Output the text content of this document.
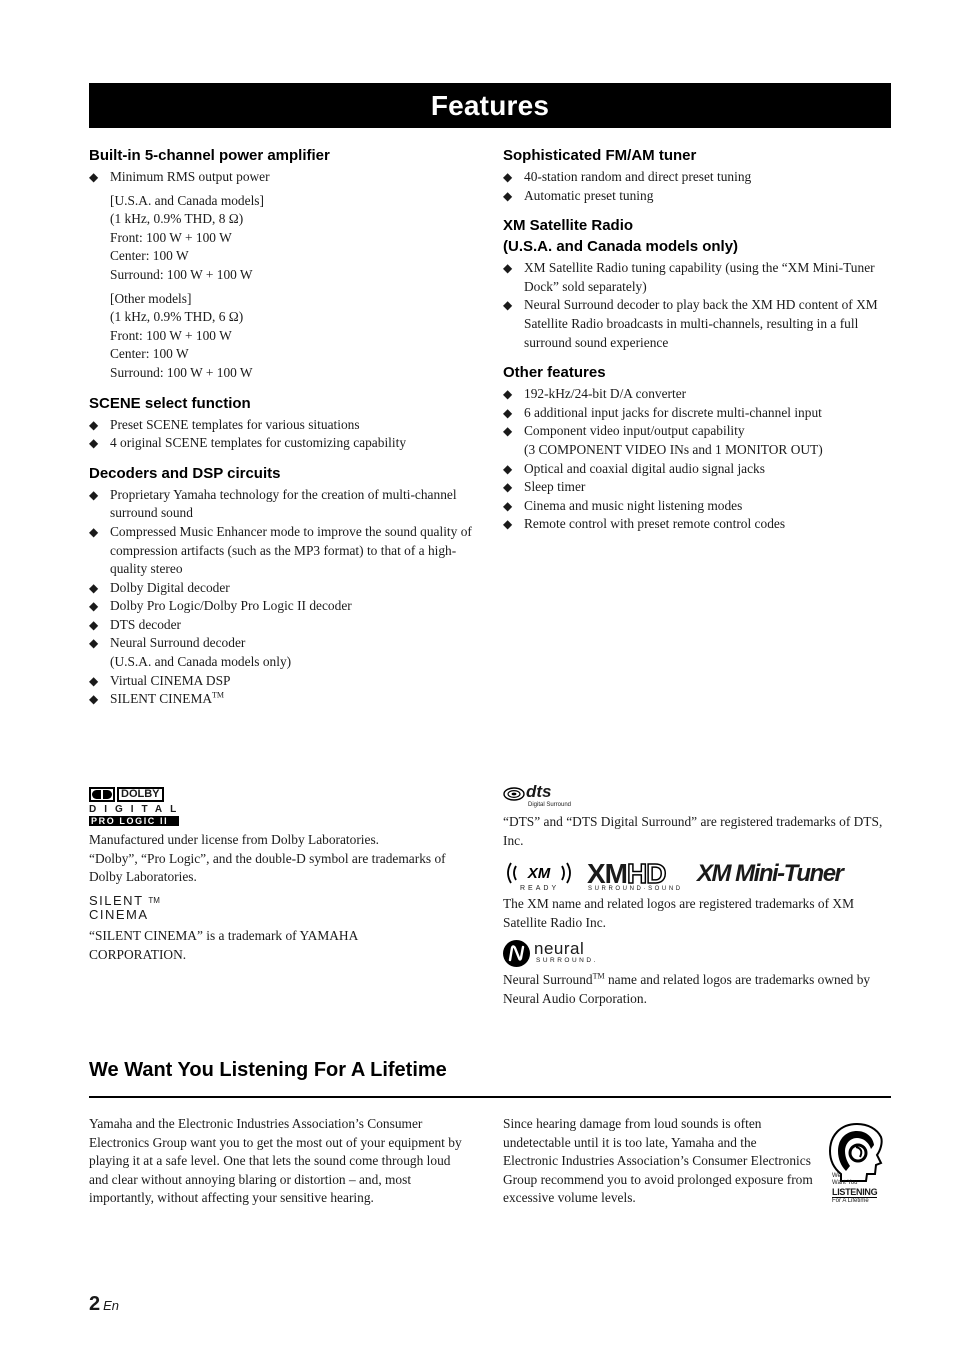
Features
Built-in 5-channel power amplifier
◆ Minimum RMS output power
[U.S.A. and Canada models]
(1 kHz, 0.9% THD, 8 Ω)
Front: 100 W + 100 W
Center: 100 W
Surround: 100 W + 100 W
[Other models]
(1 kHz, 0.9% THD, 6 Ω)
Front: 100 W + 100 W
Center: 100 W
Surround: 100 W + 100 W
SCENE select function
◆ Preset SCENE templates for various situations
◆ 4 original SCENE templates for customizing capability
Decoders and DSP circuits
◆ Proprietary Yamaha technology for the creation of multi-channel surround sound
◆ Compressed Music Enhancer mode to improve the sound quality of compression artifacts (such as the MP3 format) to that of a high-quality stereo
◆ Dolby Digital decoder
◆ Dolby Pro Logic/Dolby Pro Logic II decoder
◆ DTS decoder
◆ Neural Surround decoder
(U.S.A. and Canada models only)
◆ Virtual CINEMA DSP
◆ SILENT CINEMA™
Sophisticated FM/AM tuner
◆ 40-station random and direct preset tuning
◆ Automatic preset tuning
XM Satellite Radio
(U.S.A. and Canada models only)
◆ XM Satellite Radio tuning capability (using the “XM Mini-Tuner Dock” sold separately)
◆ Neural Surround decoder to play back the XM HD content of XM Satellite Radio broadcasts in multi-channels, resulting in a full surround sound experience
Other features
◆ 192-kHz/24-bit D/A converter
◆ 6 additional input jacks for discrete multi-channel input
◆ Component video input/output capability
(3 COMPONENT VIDEO INs and 1 MONITOR OUT)
◆ Optical and coaxial digital audio signal jacks
◆ Sleep timer
◆ Cinema and music night listening modes
◆ Remote control with preset remote control codes
DOLBY
DIGITAL
PRO LOGIC II
Manufactured under license from Dolby Laboratories.
“Dolby”, “Pro Logic”, and the double-D symbol are trademarks of Dolby Laboratories.
SILENT ™
CINEMA
“SILENT CINEMA” is a trademark of YAMAHA CORPORATION.
dts
Digital Surround
“DTS” and “DTS Digital Surround” are registered trademarks of DTS, Inc.
XM
READY XMHD
SURROUND·SOUND
XM Mini-Tuner
The XM name and related logos are registered trademarks of XM Satellite Radio Inc.
neural
SURROUND.
Neural Surround™ name and related logos are trademarks owned by Neural Audio Corporation.
We Want You Listening For A Lifetime
Yamaha and the Electronic Industries Association’s Consumer Electronics Group want you to get the most out of your equipment by playing it at a safe level. One that lets the sound come through loud and clear without annoying blaring or distortion – and, most importantly, without affecting your sensitive hearing.
Since hearing damage from loud sounds is often undetectable until it is too late, Yamaha and the Electronic Industries Association’s Consumer Electronics Group recommend you to avoid prolonged exposure from excessive volume levels.
We
Want You
LISTENING
For A Lifetime
2 En
